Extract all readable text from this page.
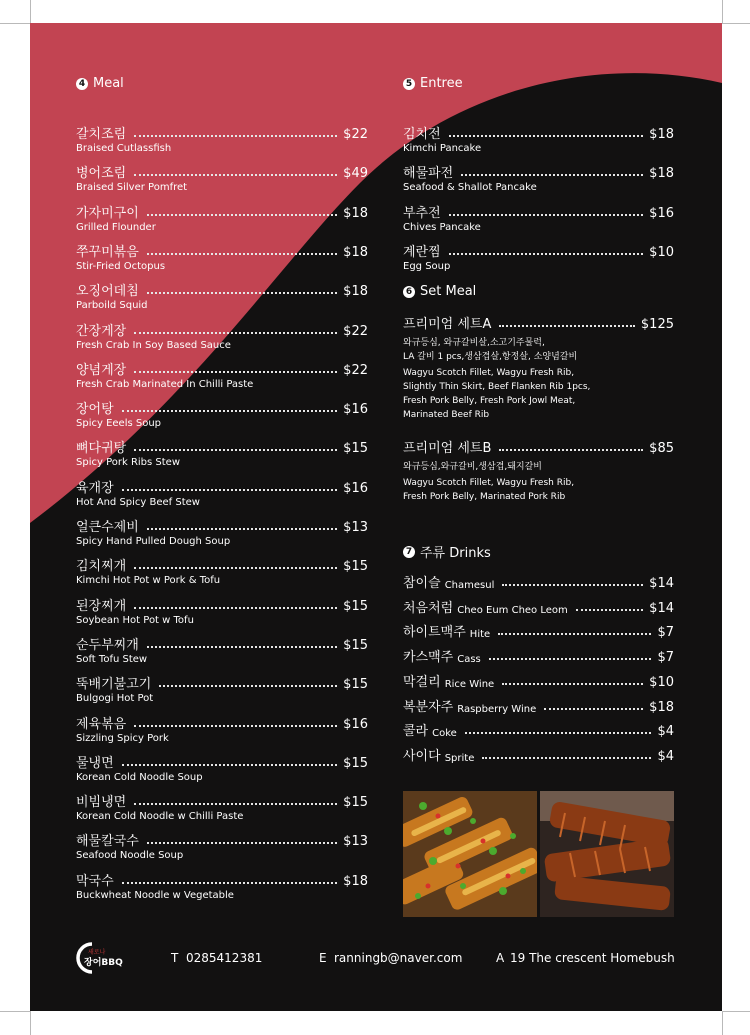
4 Meal
갈치조림	$22
Braised Cutlassfish
병어조림	$49
Braised Silver Pomfret
가자미구이	$18
Grilled Flounder
쭈꾸미볶음	$18
Stir-Fried Octopus
오징어데침	$18
Parboild Squid
간장게장	$22
Fresh Crab In Soy Based Sauce
양념게장	$22
Fresh Crab Marinated In Chilli Paste
장어탕	$16
Spicy Eeels Soup
뼈다귀탕	$15
Spicy Pork Ribs Stew
육개장	$16
Hot And Spicy Beef Stew
얼큰수제비	$13
Spicy Hand Pulled Dough Soup
김치찌개	$15
Kimchi Hot Pot w Pork & Tofu
된장찌개	$15
Soybean Hot Pot w Tofu
순두부찌개	$15
Soft Tofu Stew
뚝배기불고기	$15
Bulgogi Hot Pot
제육볶음	$16
Sizzling Spicy Pork
물냉면	$15
Korean Cold Noodle Soup
비빔냉면	$15
Korean Cold Noodle w Chilli Paste
해물칼국수	$13
Seafood Noodle Soup
막국수	$18
Buckwheat Noodle w Vegetable
5 Entree
김치전	$18
Kimchi Pancake
해물파전	$18
Seafood & Shallot Pancake
부추전	$16
Chives Pancake
계란찜	$10
Egg Soup
6 Set Meal
프리미엄 세트A	$125
와규등심, 와규갈비살,소고기주물럭,
LA 갈비 1 pcs,생삼겹살,항정살, 소양념갈비
Wagyu Scotch Fillet, Wagyu Fresh Rib,
Slightly Thin Skirt, Beef Flanken Rib 1pcs,
Fresh Pork Belly, Fresh Pork Jowl Meat,
Marinated Beef Rib
프리미엄 세트B	$85
와규등심,와규갈비,생삼겹,돼지갈비
Wagyu Scotch Fillet, Wagyu Fresh Rib,
Fresh Pork Belly, Marinated Pork Rib
7 주류 Drinks
참이슬 Chamesul	$14
처음처럼 Cheo Eum Cheo Leom	$14
하이트맥주 Hite	$7
카스맥주 Cass	$7
막걸리 Rice Wine	$10
복분자주 Raspberry Wine	$18
콜라 Coke	$4
사이다 Sprite	$4
새로나
장어BBQ	T 0285412381	E ranningb@naver.com	A 19 The crescent Homebush
